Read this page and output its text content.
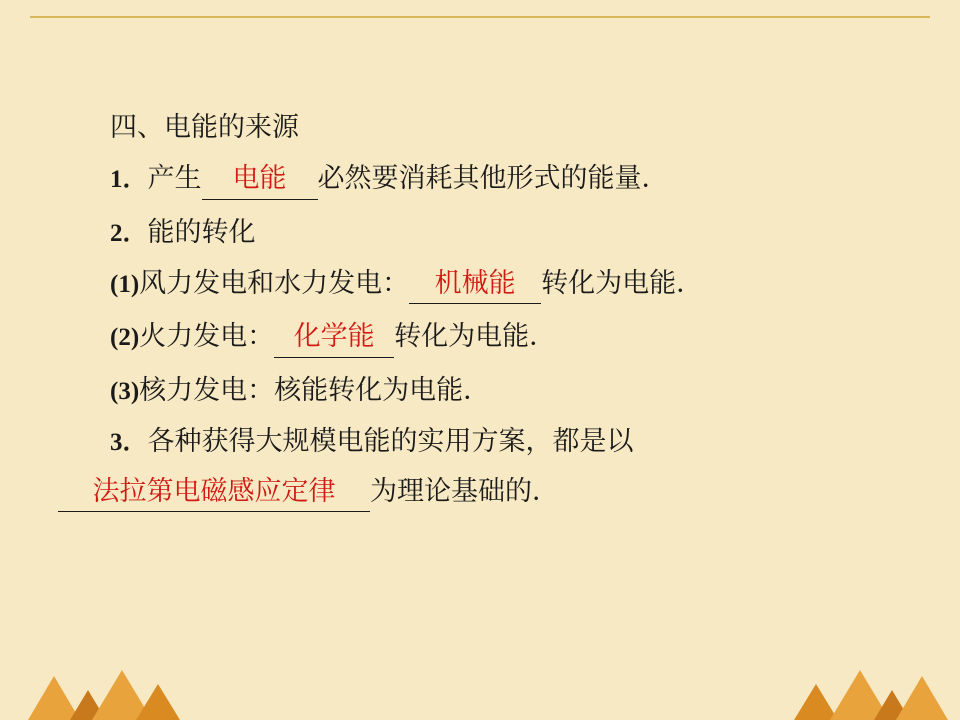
四、电能的来源
1．产生 电能 必然要消耗其他形式的能量．
2．能的转化
(1)风力发电和水力发电： 机械能 转化为电能．
(2)火力发电： 化学能 转化为电能．
(3)核力发电：核能转化为电能．
3．各种获得大规模电能的实用方案，都是以
法拉第电磁感应定律 为理论基础的．
